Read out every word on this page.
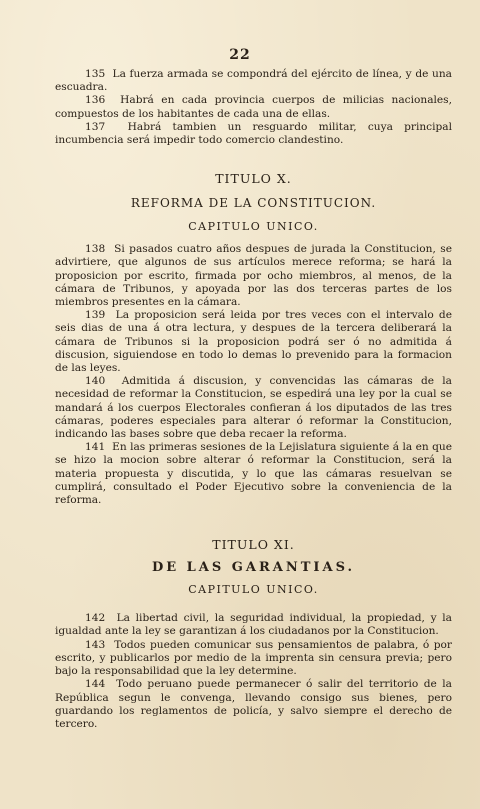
22

135 La fuerza armada se compondrá del ejército de línea, y de una escuadra.

136 Habrá en cada provincia cuerpos de milicias nacionales, compuestos de los habitantes de cada una de ellas.

137 Habrá tambien un resguardo militar, cuya principal incumbencia será impedir todo comercio clandestino.

TITULO X.
REFORMA DE LA CONSTITUCION.
CAPITULO UNICO.

138 Si pasados cuatro años despues de jurada la Constitucion, se advirtiere, que algunos de sus artículos merece reforma; se hará la proposicion por escrito, firmada por ocho miembros, al menos, de la cámara de Tribunos, y apoyada por las dos terceras partes de los miembros presentes en la cámara.

139 La proposicion será leida por tres veces con el intervalo de seis dias de una á otra lectura, y despues de la tercera deliberará la cámara de Tribunos si la proposicion podrá ser ó no admitida á discusion, siguiendose en todo lo demas lo prevenido para la formacion de las leyes.

140 Admitida á discusion, y convencidas las cámaras de la necesidad de reformar la Constitucion, se espedirá una ley por la cual se mandará á los cuerpos Electorales confieran á los diputados de las tres cámaras, poderes especiales para alterar ó reformar la Constitucion, indicando las bases sobre que deba recaer la reforma.

141 En las primeras sesiones de la Lejislatura siguiente á la en que se hizo la mocion sobre alterar ó reformar la Constitucion, será la materia propuesta y discutida, y lo que las cámaras resuelvan se cumplirá, consultado el Poder Ejecutivo sobre la conveniencia de la reforma.

TITULO XI.
DE LAS GARANTIAS.
CAPITULO UNICO.

142 La libertad civil, la seguridad individual, la propiedad, y la igualdad ante la ley se garantizan á los ciudadanos por la Constitucion.

143 Todos pueden comunicar sus pensamientos de palabra, ó por escrito, y publicarlos por medio de la imprenta sin censura previa; pero bajo la responsabilidad que la ley determine.

144 Todo peruano puede permanecer ó salir del territorio de la República segun le convenga, llevando consigo sus bienes, pero guardando los reglamentos de policía, y salvo siempre el derecho de tercero.
